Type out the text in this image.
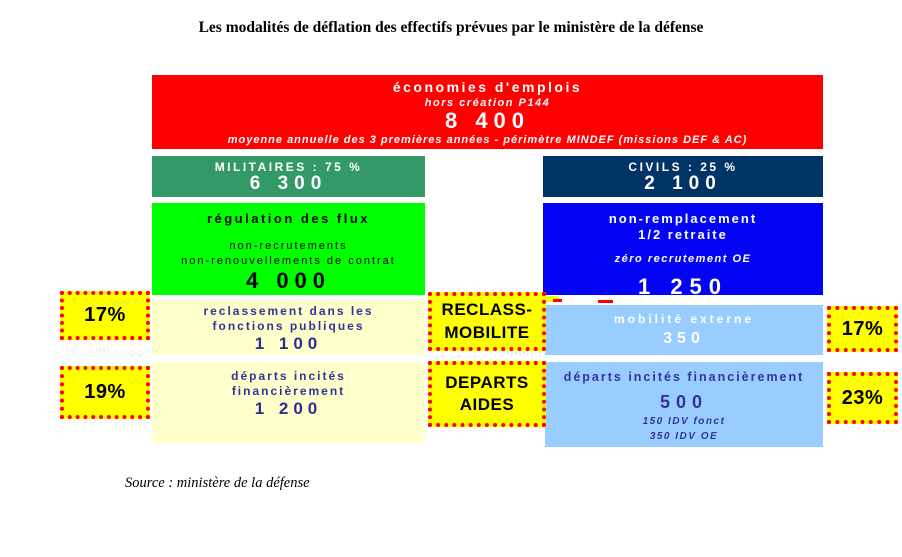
Les modalités de déflation des effectifs prévues par le ministère de la défense
économies d'emplois
hors création P144
8 400
moyenne annuelle des 3 premières années - périmètre MINDEF (missions DEF & AC)
MILITAIRES : 75 %
6 300
CIVILS : 25 %
2 100
régulation des flux
non-recrutements
non-renouvellements de contrat
4 000
non-remplacement
1/2 retraite
zéro recrutement OE
1 250
reclassement dans les
fonctions publiques
1 100
RECLASS-
MOBILITE
mobilité externe
350
départs incités
financièrement
1 200
DEPARTS
AIDES
départs incités financièrement
500
150 IDV fonct
350 IDV OE
17%
17%
19%	23%
Source : ministère de la défense
